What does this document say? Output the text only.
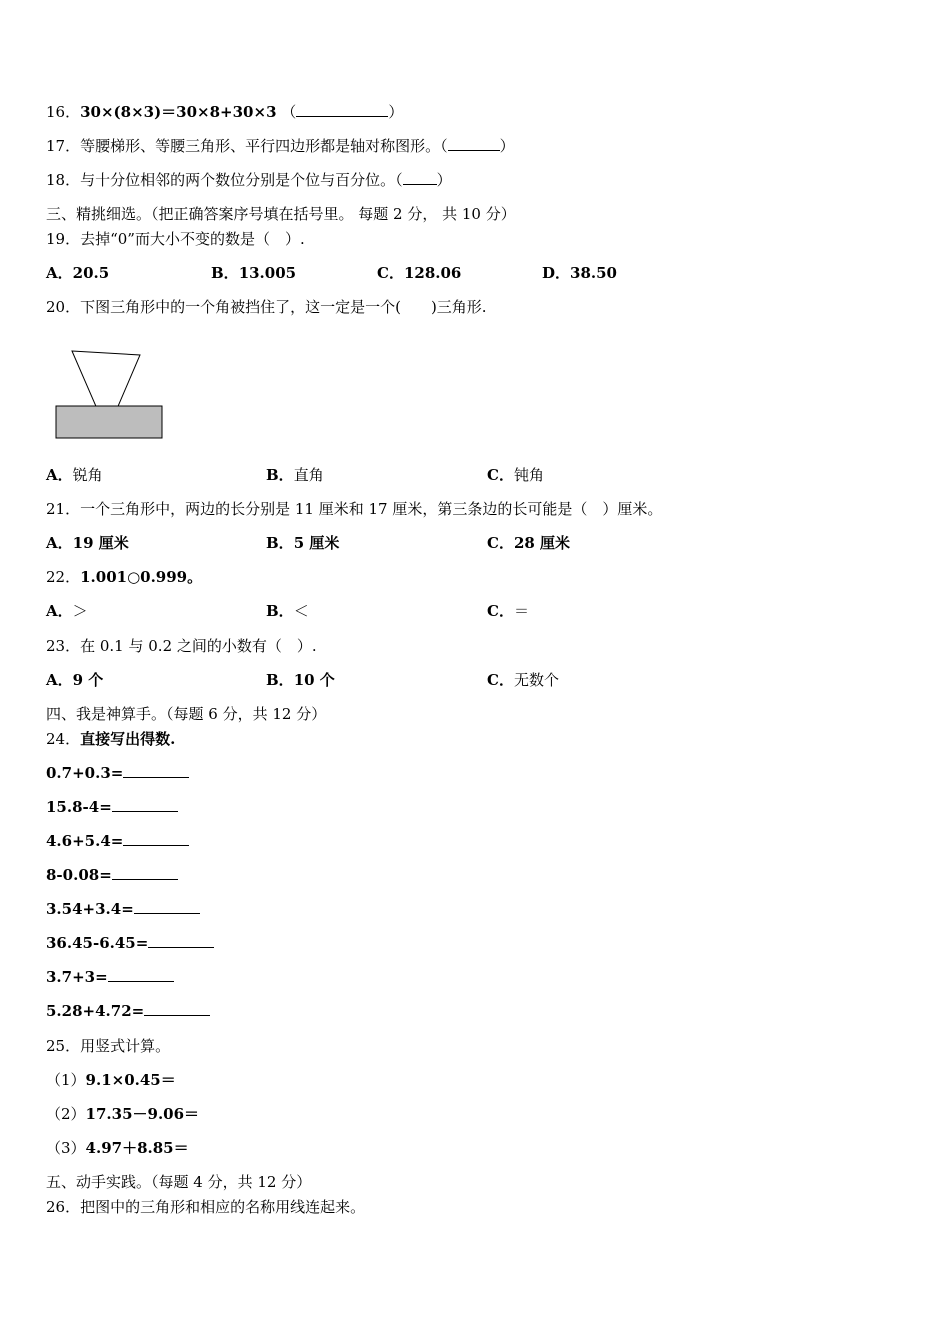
16．30×(8×3)＝30×8+30×3 （	）
17．等腰梯形、等腰三角形、平行四边形都是轴对称图形。（	）
18．与十分位相邻的两个数位分别是个位与百分位。（ ）
三、精挑细选。（把正确答案序号填在括号里。 每题 2 分， 共 10 分）
19．去掉“0”而大小不变的数是（　）.
A．20.5	B．13.005	C．128.06	D．38.50
20．下图三角形中的一个角被挡住了，这一定是一个(　　)三角形.
A．锐角	B．直角	C．钝角
21．一个三角形中，两边的长分别是 11 厘米和 17 厘米，第三条边的长可能是（　）厘米。
A．19 厘米	B．5 厘米	C．28 厘米
22．1.001○0.999。
A．＞	B．＜	C．＝
23．在 0.1 与 0.2 之间的小数有（　）.
A．9 个	B．10 个	C．无数个
四、我是神算手。（每题 6 分，共 12 分）
24．直接写出得数.
0.7+0.3=
15.8-4=
4.6+5.4=
8-0.08=
3.54+3.4=
36.45-6.45=
3.7+3=
5.28+4.72=
25．用竖式计算。
（1）9.1×0.45＝
（2）17.35－9.06＝
（3）4.97＋8.85＝
五、动手实践。（每题 4 分，共 12 分）
26．把图中的三角形和相应的名称用线连起来。
